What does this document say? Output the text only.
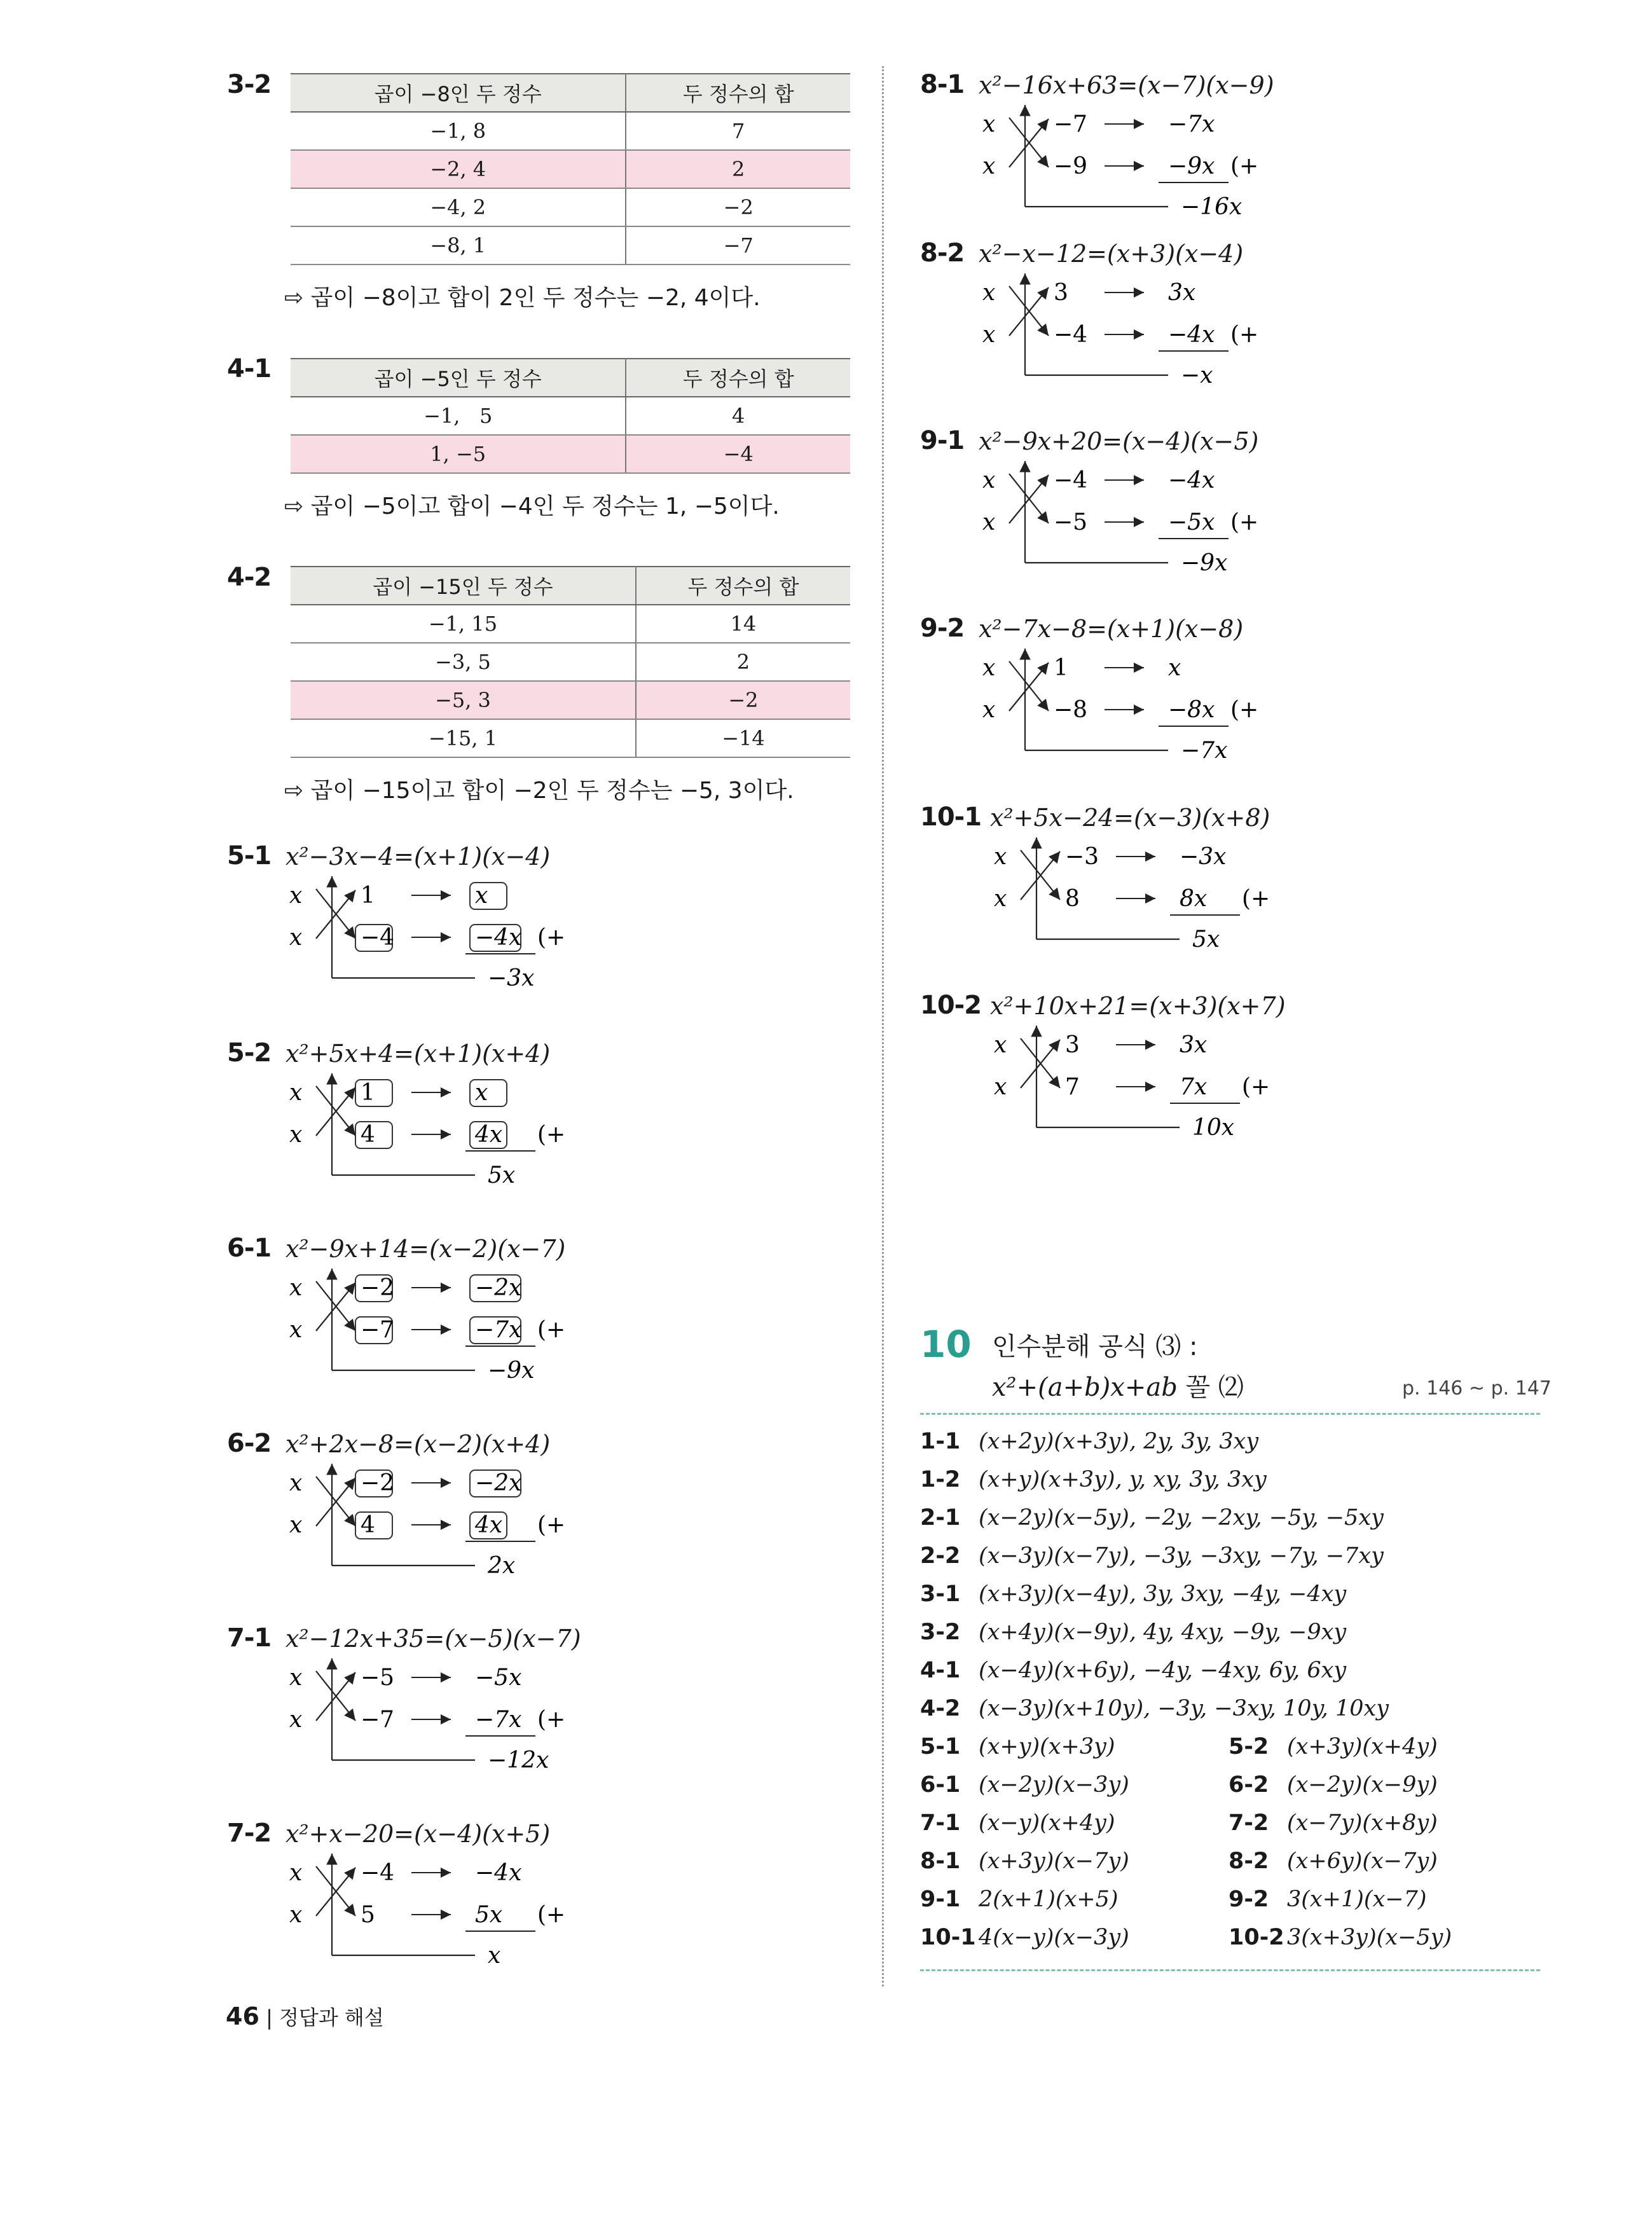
3-2	곱이 −8인 두 정수	두 정수의 합
−1, 8	7
−2, 4	2
−4, 2	−2
−8, 1	−7
⇨ 곱이 −8이고 합이 2인 두 정수는 −2, 4이다.
4-1	곱이 −5인 두 정수	두 정수의 합
−1,   5	4
1, −5	−4
⇨ 곱이 −5이고 합이 −4인 두 정수는 1, −5이다.
4-2	곱이 −15인 두 정수	두 정수의 합
−1, 15	14
−3, 5	2
−5, 3	−2
−15, 1	−14
⇨ 곱이 −15이고 합이 −2인 두 정수는 −5, 3이다.
5-1 x²−3x−4=(x+1)(x−4)
x
x
1
−4
x
−4x (+
−3x
5-2 x²+5x+4=(x+1)(x+4)
x
x
1
4
x
4x (+
5x
6-1 x²−9x+14=(x−2)(x−7)
x
x
−2
−7
−2x
−7x (+
−9x
6-2 x²+2x−8=(x−2)(x+4)
x
x
−2
4
−2x
4x (+
2x
7-1 x²−12x+35=(x−5)(x−7)
x
x
−5
−7
−5x
−7x (+
−12x
7-2 x²+x−20=(x−4)(x+5)
x
x
−4
5
−4x
5x (+
x
8-1 x²−16x+63=(x−7)(x−9)
x
x
−7
−9
−7x
−9x (+
−16x
8-2 x²−x−12=(x+3)(x−4)
x
x
3
−4
3x
−4x (+
−x
9-1 x²−9x+20=(x−4)(x−5)
x
x
−4
−5
−4x
−5x (+
−9x
9-2 x²−7x−8=(x+1)(x−8)
x
x
1
−8
x
−8x (+
−7x
10-1 x²+5x−24=(x−3)(x+8)
x
x
−3
8
−3x
8x (+
5x
10-2 x²+10x+21=(x+3)(x+7)
x
x
3
7
3x
7x (+
10x
10 인수분해 공식 ⑶ :
x²+(a+b)x+ab 꼴 ⑵	p. 146 ~ p. 147
1-1 (x+2y)(x+3y), 2y, 3y, 3xy
1-2 (x+y)(x+3y), y, xy, 3y, 3xy
2-1 (x−2y)(x−5y), −2y, −2xy, −5y, −5xy
2-2 (x−3y)(x−7y), −3y, −3xy, −7y, −7xy
3-1 (x+3y)(x−4y), 3y, 3xy, −4y, −4xy
3-2 (x+4y)(x−9y), 4y, 4xy, −9y, −9xy
4-1 (x−4y)(x+6y), −4y, −4xy, 6y, 6xy
4-2 (x−3y)(x+10y), −3y, −3xy, 10y, 10xy
5-1 (x+y)(x+3y)	5-2 (x+3y)(x+4y)
6-1 (x−2y)(x−3y)	6-2 (x−2y)(x−9y)
7-1 (x−y)(x+4y)	7-2 (x−7y)(x+8y)
8-1 (x+3y)(x−7y)	8-2 (x+6y)(x−7y)
9-1 2(x+1)(x+5)	9-2 3(x+1)(x−7)
10-1 4(x−y)(x−3y)	10-2 3(x+3y)(x−5y)
46 | 정답과 해설
